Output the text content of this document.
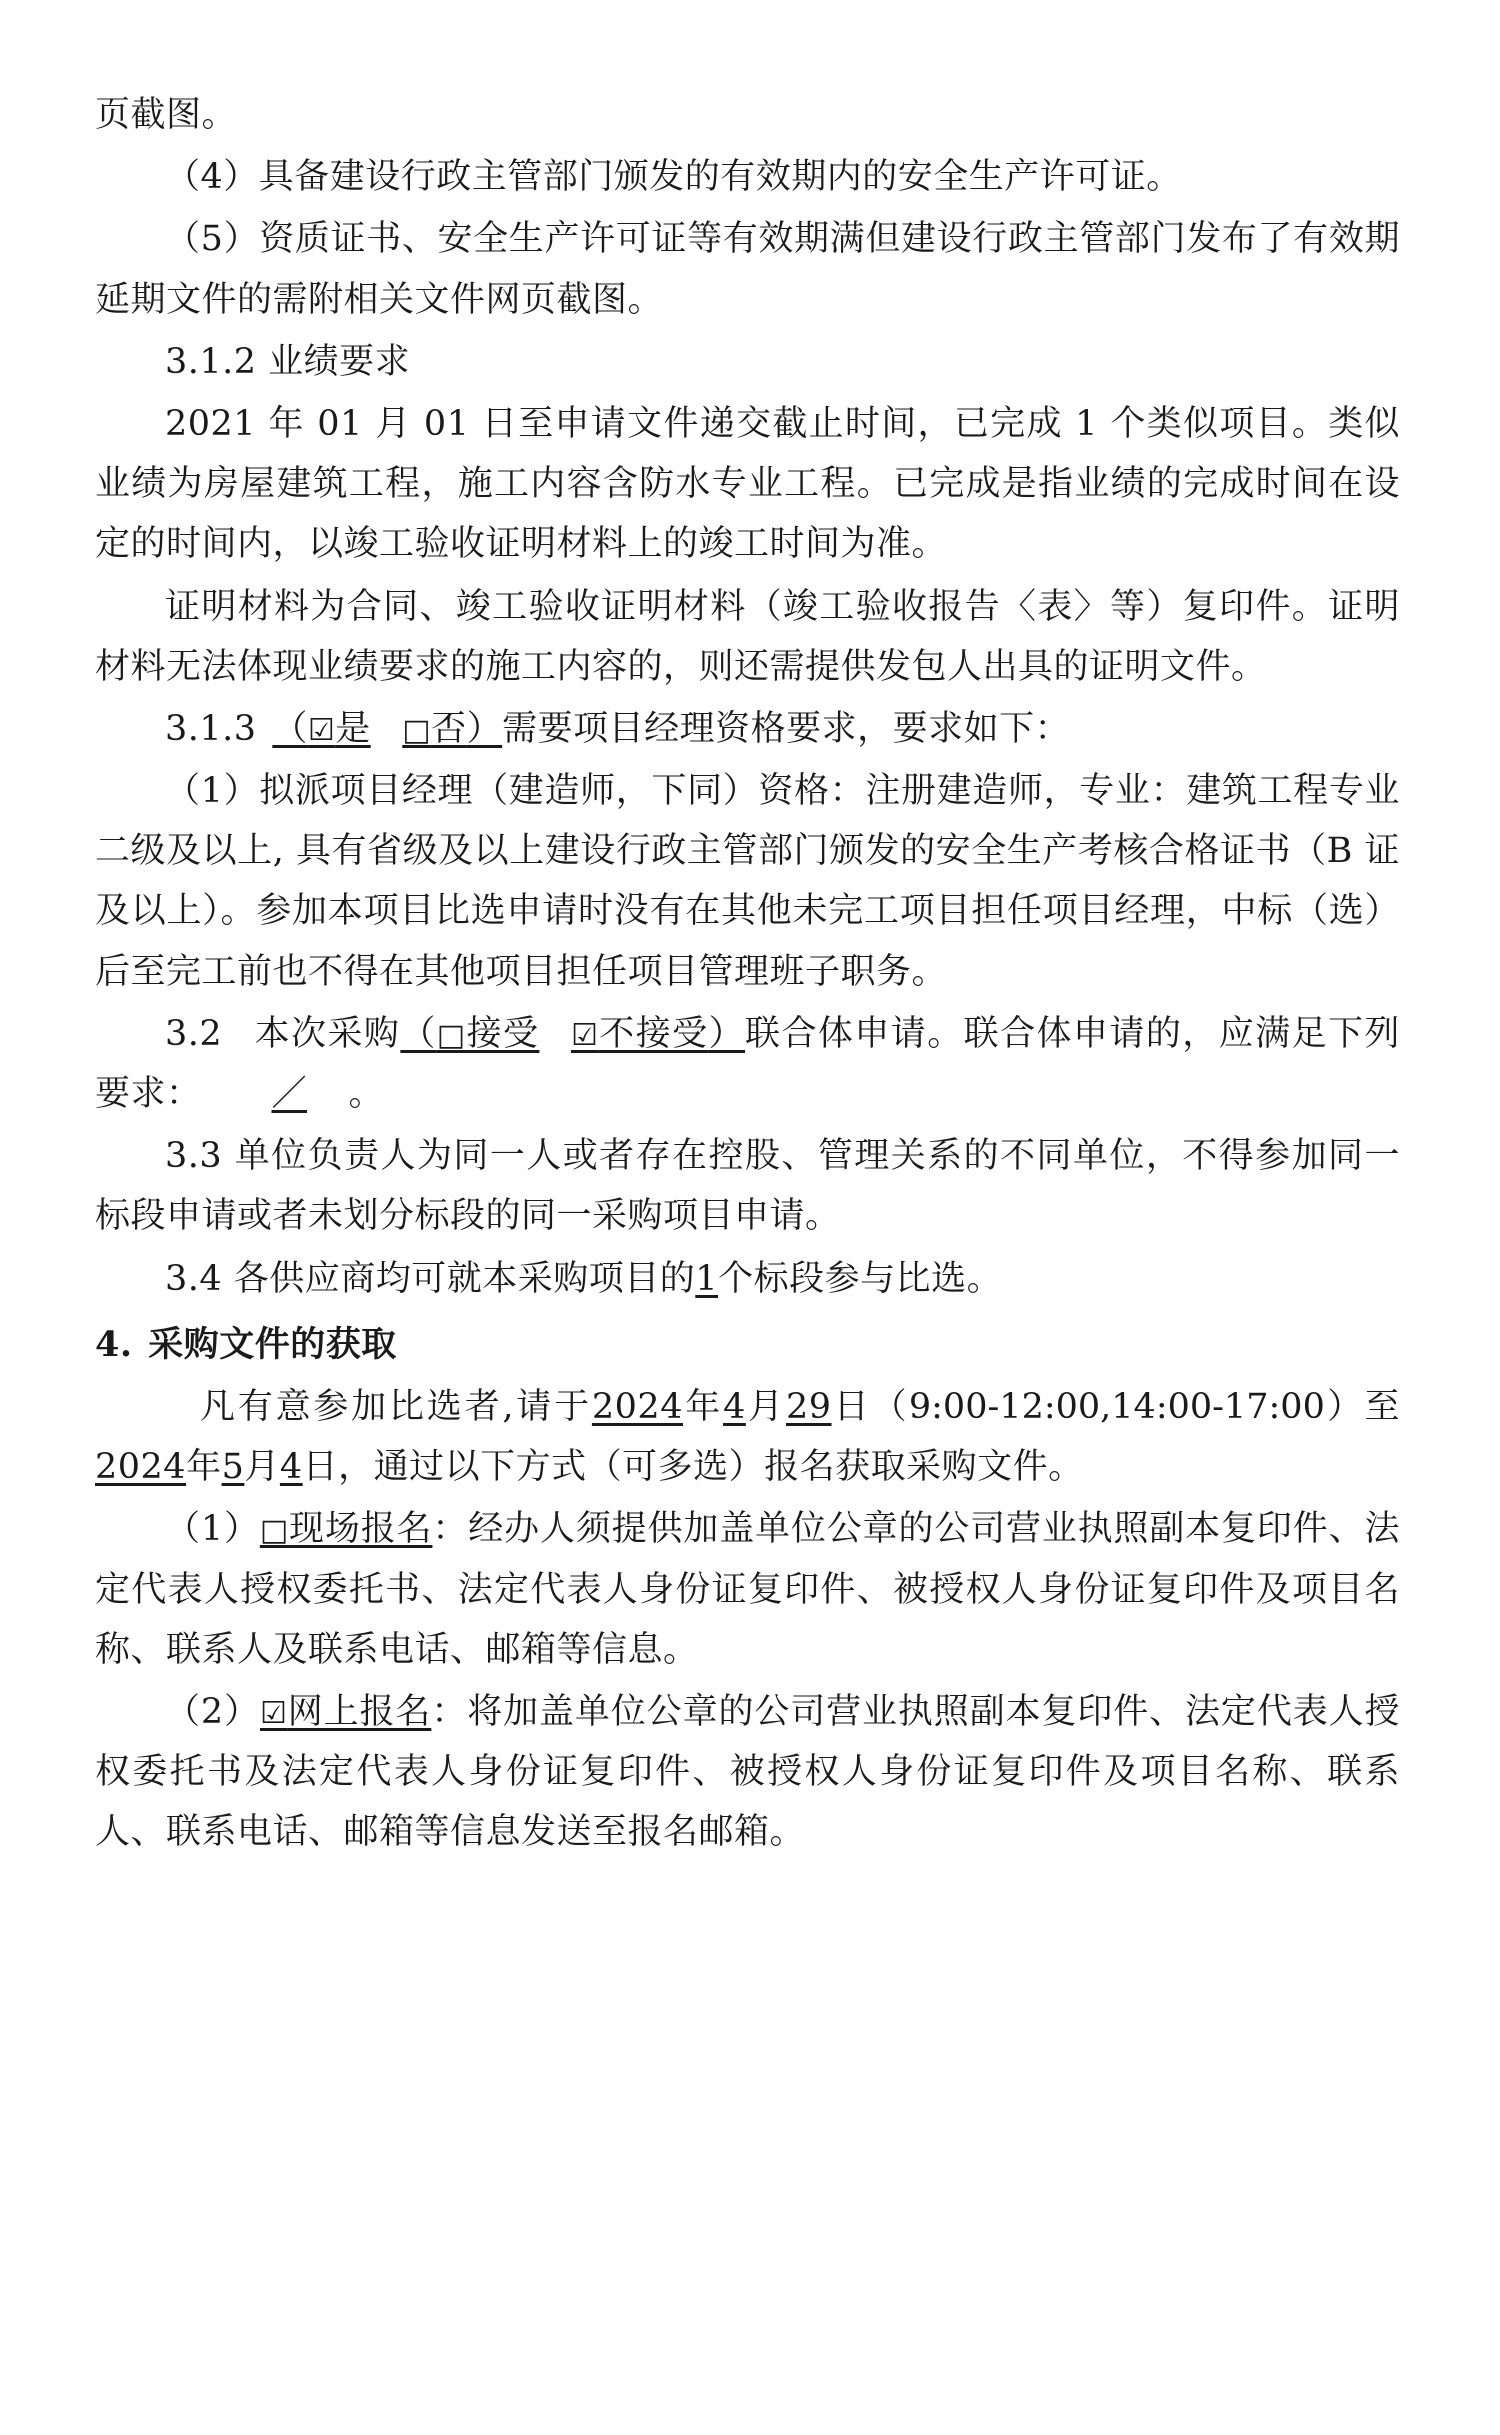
页截图。

（4）具备建设行政主管部门颁发的有效期内的安全生产许可证。

（5）资质证书、安全生产许可证等有效期满但建设行政主管部门发布了有效期延期文件的需附相关文件网页截图。

3.1.2 业绩要求

2021 年 01 月 01 日至申请文件递交截止时间，已完成 1 个类似项目。类似业绩为房屋建筑工程，施工内容含防水专业工程。已完成是指业绩的完成时间在设定的时间内，以竣工验收证明材料上的竣工时间为准。

证明材料为合同、竣工验收证明材料（竣工验收报告〈表〉等）复印件。证明材料无法体现业绩要求的施工内容的，则还需提供发包人出具的证明文件。

3.1.3 （☑是 □否）需要项目经理资格要求，要求如下：

（1）拟派项目经理（建造师，下同）资格：注册建造师，专业：建筑工程专业二级及以上, 具有省级及以上建设行政主管部门颁发的安全生产考核合格证书（B 证及以上）。参加本项目比选申请时没有在其他未完工项目担任项目经理，中标（选）后至完工前也不得在其他项目担任项目管理班子职务。

3.2 本次采购（□接受 ☑不接受）联合体申请。联合体申请的，应满足下列要求： ／ 。

3.3 单位负责人为同一人或者存在控股、管理关系的不同单位，不得参加同一标段申请或者未划分标段的同一采购项目申请。

3.4 各供应商均可就本采购项目的1个标段参与比选。

4. 采购文件的获取

凡有意参加比选者,请于2024年4月29日（9:00-12:00,14:00-17:00）至2024年5月4日，通过以下方式（可多选）报名获取采购文件。

（1）□现场报名：经办人须提供加盖单位公章的公司营业执照副本复印件、法定代表人授权委托书、法定代表人身份证复印件、被授权人身份证复印件及项目名称、联系人及联系电话、邮箱等信息。

（2）☑网上报名：将加盖单位公章的公司营业执照副本复印件、法定代表人授权委托书及法定代表人身份证复印件、被授权人身份证复印件及项目名称、联系人、联系电话、邮箱等信息发送至报名邮箱。
